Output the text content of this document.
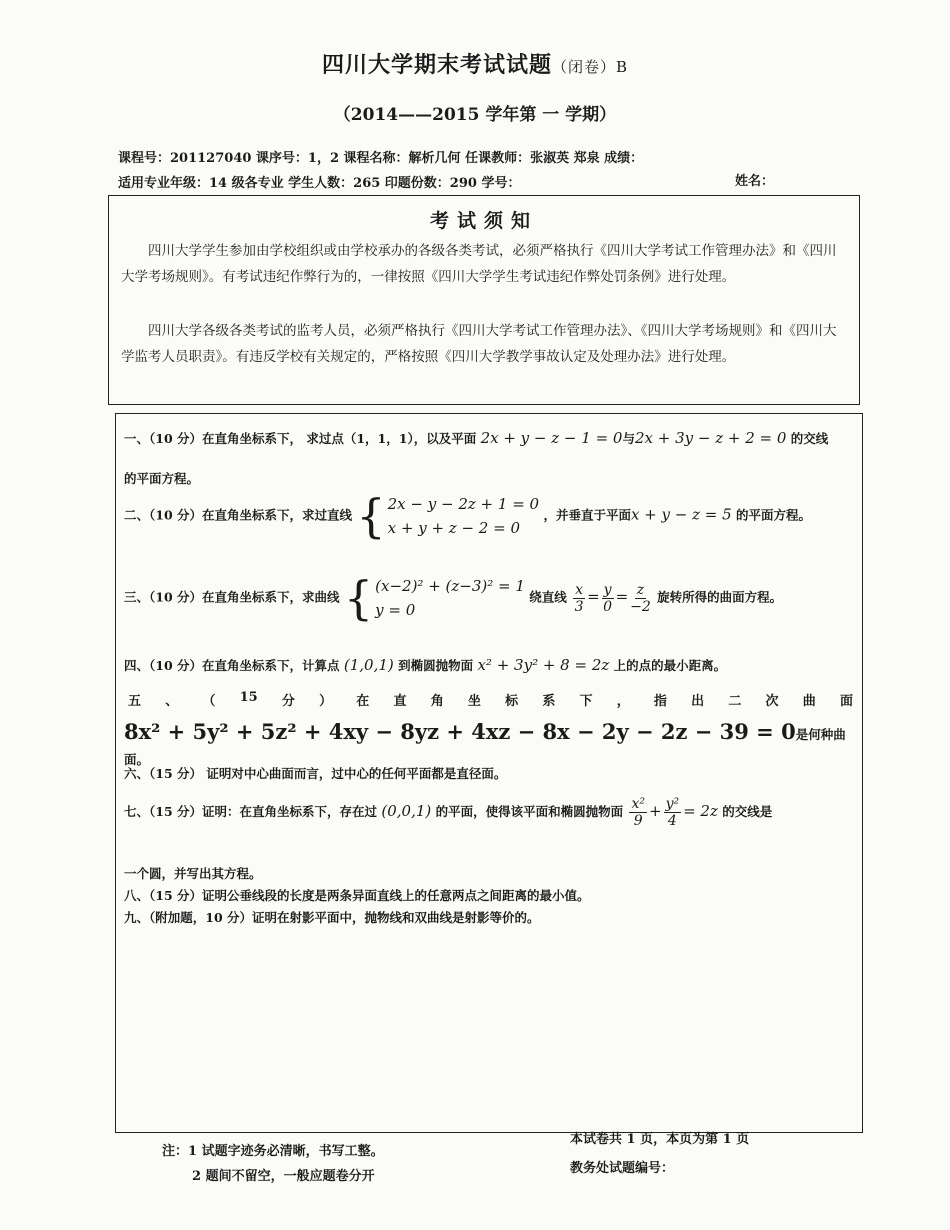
四川大学期末考试试题（闭卷）B
（2014——2015 学年第 一 学期）
课程号：201127040 课序号：1，2 课程名称：解析几何 任课教师：张淑英 郑泉 成绩：
适用专业年级：14 级各专业 学生人数：265 印题份数：290 学号：	姓名：
考试须知
四川大学学生参加由学校组织或由学校承办的各级各类考试，必须严格执行《四川大学考试工作管理办法》和《四川大学考场规则》。有考试违纪作弊行为的，一律按照《四川大学学生考试违纪作弊处罚条例》进行处理。
四川大学各级各类考试的监考人员，必须严格执行《四川大学考试工作管理办法》、《四川大学考场规则》和《四川大学监考人员职责》。有违反学校有关规定的，严格按照《四川大学教学事故认定及处理办法》进行处理。
一、（10 分）在直角坐标系下， 求过点（1，1，1），以及平面 2x + y − z − 1 = 0与2x + 3y − z + 2 = 0 的交线
的平面方程。
二、（10 分）在直角坐标系下，求过直线 { 2x − y − 2z + 1 = 0
x + y + z − 2 = 0
，并垂直于平面x + y − z = 5 的平面方程。
三、（10 分）在直角坐标系下，求曲线 { (x−2)² + (z−3)² = 1
y = 0
绕直线 $\frac{x}{3} = \frac{y}{0} = \frac{z}{-2}$ 旋转所得的曲面方程。
四、（10 分）在直角坐标系下，计算点 (1,0,1) 到椭圆抛物面 x² + 3y² + 8 = 2z 上的点的最小距离。
五 、 （ 15 分 ） 在 直 角 坐 标 系 下 ， 指 出 二 次 曲 面
8x² + 5y² + 5z² + 4xy − 8yz + 4xz − 8x − 2y − 2z − 39 = 0是何种曲面。
六、（15 分） 证明对中心曲面而言，过中心的任何平面都是直径面。
七、（15 分）证明：在直角坐标系下，存在过 (0,0,1) 的平面，使得该平面和椭圆抛物面 $\frac{\text{x²}}{9} + \frac{\text{y²}}{4} = 2z$ 的交线是
一个圆，并写出其方程。
八、（15 分）证明公垂线段的长度是两条异面直线上的任意两点之间距离的最小值。
九、（附加题，10 分）证明在射影平面中，抛物线和双曲线是射影等价的。
注：1 试题字迹务必清晰，书写工整。
2 题间不留空，一般应题卷分开
本试卷共 1 页，本页为第 1 页
教务处试题编号：
